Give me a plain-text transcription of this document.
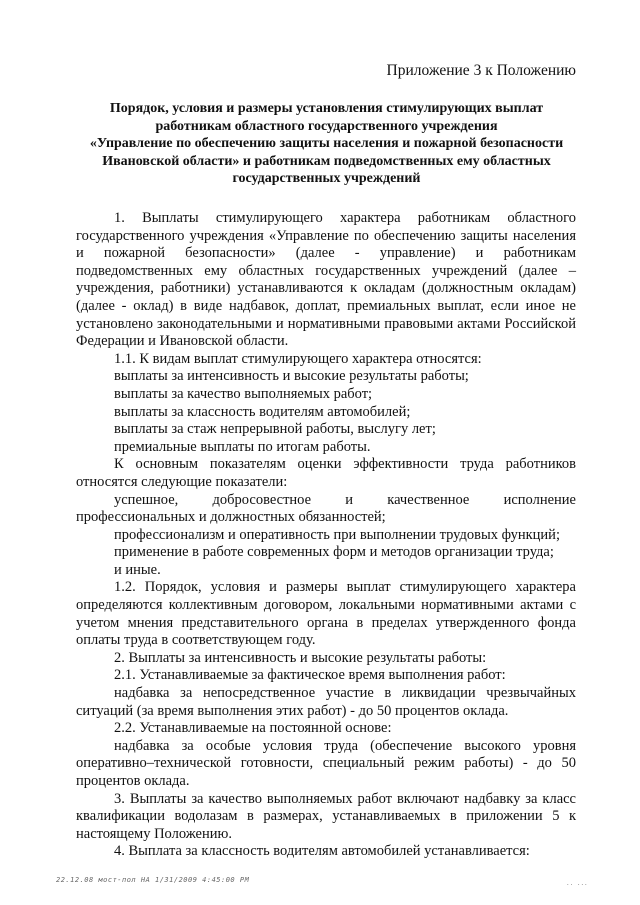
Приложение 3 к Положению
Порядок, условия и размеры установления стимулирующих выплат
работникам областного государственного учреждения
«Управление по обеспечению защиты населения и пожарной безопасности
Ивановской области» и работникам подведомственных ему областных
государственных учреждений

1. Выплаты стимулирующего характера работникам областного государственного учреждения «Управление по обеспечению защиты населения и пожарной безопасности» (далее - управление) и работникам подведомственных ему областных государственных учреждений (далее – учреждения, работники) устанавливаются к окладам (должностным окладам) (далее - оклад) в виде надбавок, доплат, премиальных выплат, если иное не установлено законодательными и нормативными правовыми актами Российской Федерации и Ивановской области.

1.1. К видам выплат стимулирующего характера относятся:

выплаты за интенсивность и высокие результаты работы;

выплаты за качество выполняемых работ;

выплаты за классность водителям автомобилей;

выплаты за стаж непрерывной работы, выслугу лет;

премиальные выплаты по итогам работы.

К основным показателям оценки эффективности труда работников относятся следующие показатели:

успешное, добросовестное и качественное исполнение профессиональных и должностных обязанностей;

профессионализм и оперативность при выполнении трудовых функций;

применение в работе современных форм и методов организации труда;

и иные.

1.2. Порядок, условия и размеры выплат стимулирующего характера определяются коллективным договором, локальными нормативными актами с учетом мнения представительного органа в пределах утвержденного фонда оплаты труда в соответствующем году.

2. Выплаты за интенсивность и высокие результаты работы:

2.1. Устанавливаемые за фактическое время выполнения работ:

надбавка за непосредственное участие в ликвидации чрезвычайных ситуаций (за время выполнения этих работ) - до 50 процентов оклада.

2.2. Устанавливаемые на постоянной основе:

надбавка за особые условия труда (обеспечение высокого уровня оперативно–технической готовности, специальный режим работы) - до 50 процентов оклада.

3. Выплаты за качество выполняемых работ включают надбавку за класс квалификации водолазам в размерах, устанавливаемых в приложении 5 к настоящему Положению.

4. Выплата за классность водителям автомобилей устанавливается:

22.12.08 мост-пол НА 1/31/2009 4:45:00 PM	.. ...
